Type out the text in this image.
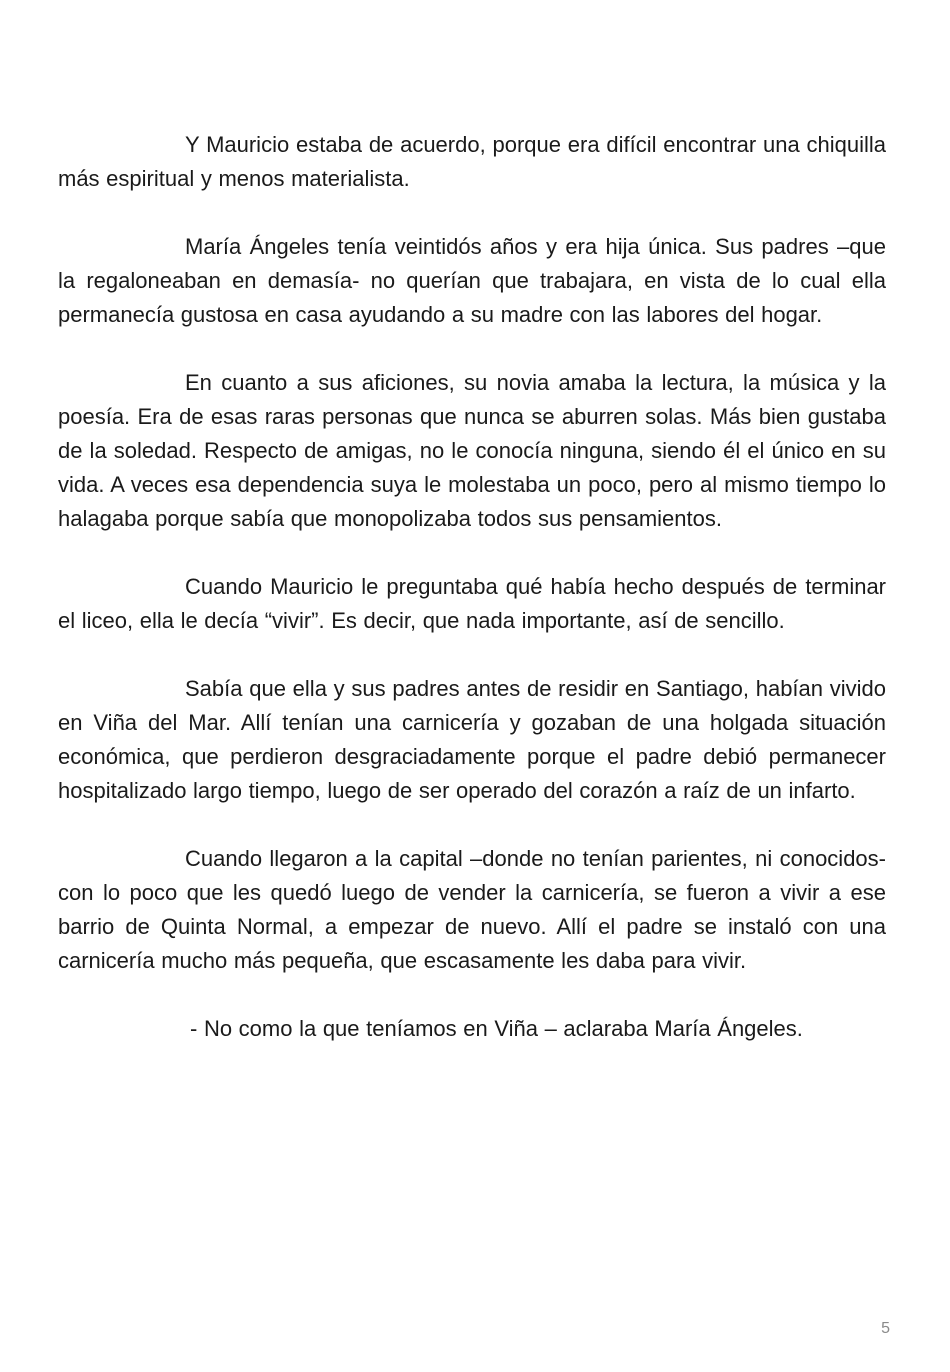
Y Mauricio estaba de acuerdo, porque era difícil encontrar una chiquilla más espiritual y menos materialista.

María Ángeles tenía veintidós años y era hija única. Sus padres –que la regaloneaban en demasía- no querían que trabajara, en vista de lo cual ella permanecía gustosa en casa ayudando a su madre con las labores del hogar.

En cuanto a sus aficiones, su novia amaba la lectura, la música y la poesía. Era de esas raras personas que nunca se aburren solas. Más bien gustaba de la soledad. Respecto de amigas, no le conocía ninguna, siendo él el único en su vida. A veces esa dependencia suya le molestaba un poco, pero al mismo tiempo lo halagaba porque sabía que monopolizaba todos sus pensamientos.

Cuando Mauricio le preguntaba qué había hecho después de terminar el liceo, ella le decía “vivir”. Es decir, que nada importante, así de sencillo.

Sabía que ella y sus padres antes de residir en Santiago, habían vivido en Viña del Mar. Allí tenían una carnicería y gozaban de una holgada situación económica, que perdieron desgraciadamente porque el padre debió permanecer hospitalizado largo tiempo, luego de ser operado del corazón a raíz de un infarto.

Cuando llegaron a la capital –donde no tenían parientes, ni conocidos- con lo poco que les quedó luego de vender la carnicería, se fueron a vivir a ese barrio de Quinta Normal, a empezar de nuevo. Allí el padre se instaló con una carnicería mucho más pequeña, que escasamente les daba para vivir.

- No como la que teníamos en Viña – aclaraba María Ángeles.

5
